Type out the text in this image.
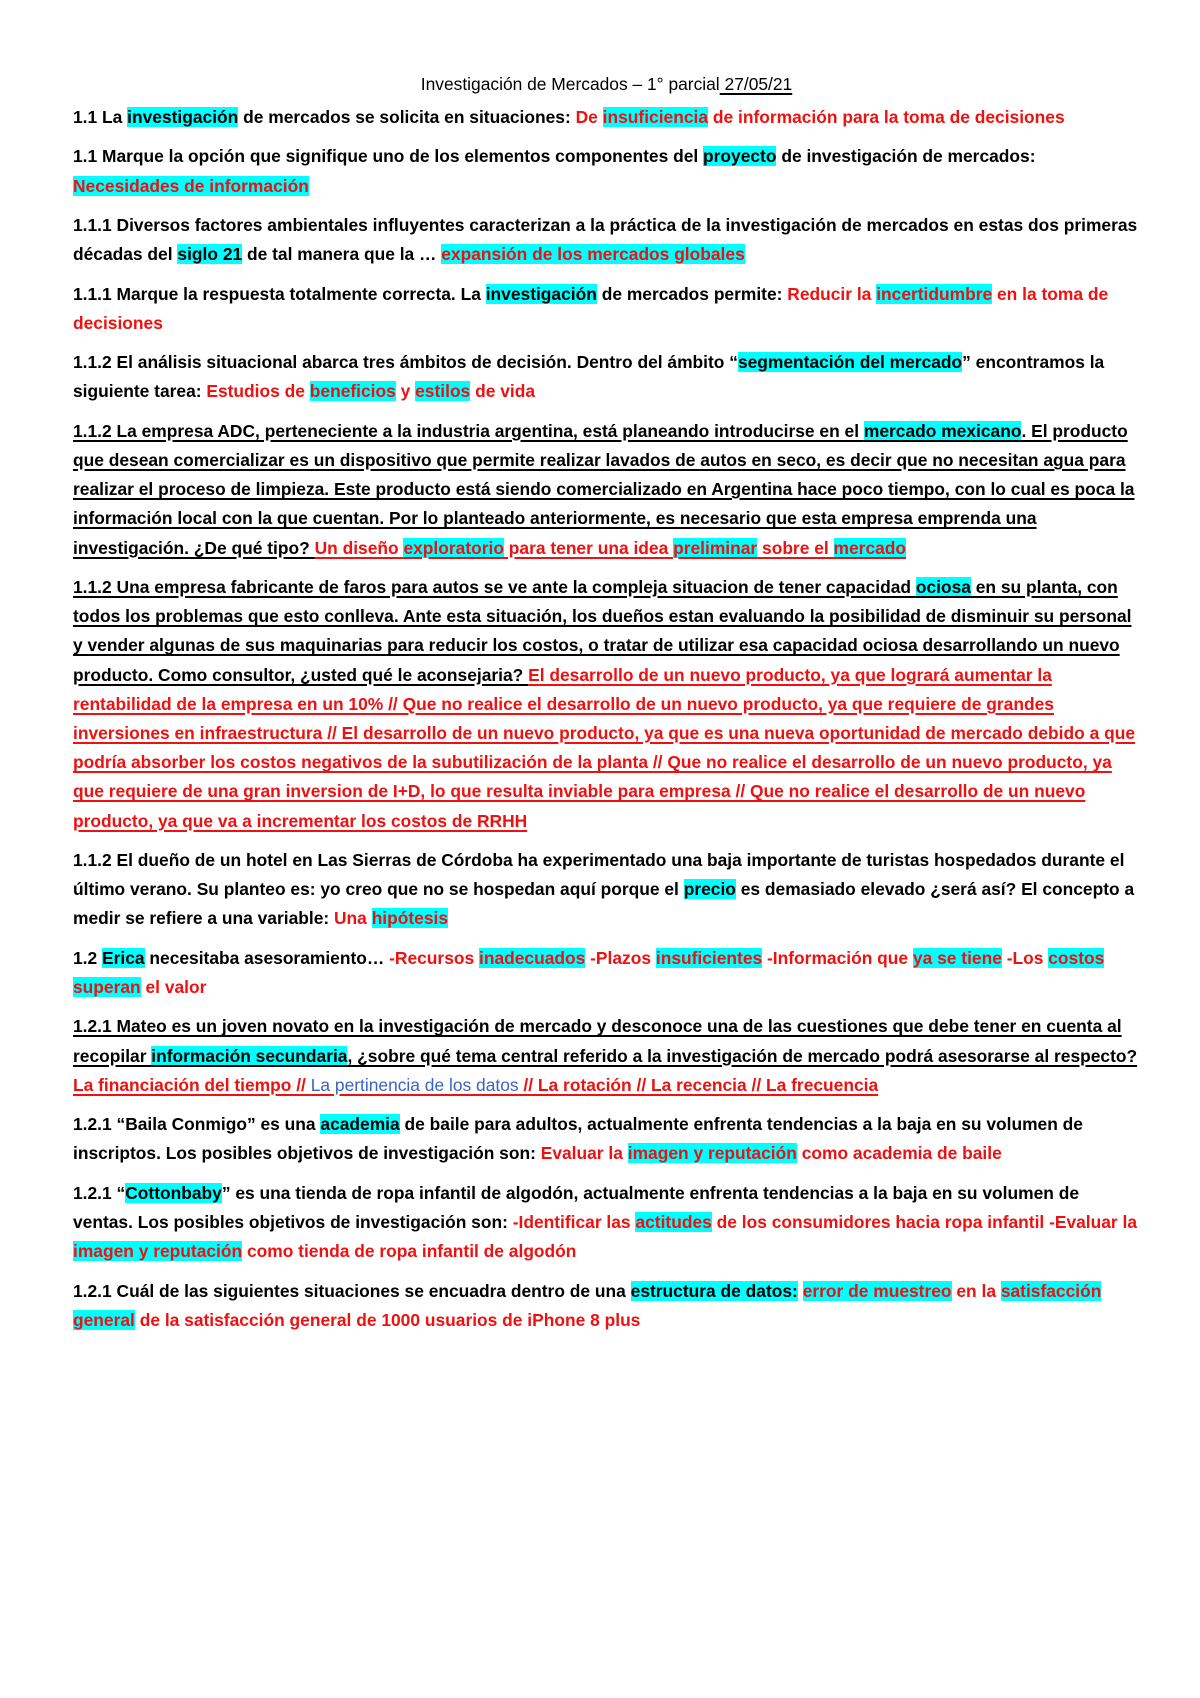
Investigación de Mercados – 1° parcial 27/05/21

1.1 La investigación de mercados se solicita en situaciones: De insuficiencia de información para la toma de decisiones

1.1 Marque la opción que signifique uno de los elementos componentes del proyecto de investigación de mercados: Necesidades de información

1.1.1 Diversos factores ambientales influyentes caracterizan a la práctica de la investigación de mercados en estas dos primeras décadas del siglo 21 de tal manera que la … expansión de los mercados globales

1.1.1 Marque la respuesta totalmente correcta. La investigación de mercados permite: Reducir la incertidumbre en la toma de decisiones

1.1.2 El análisis situacional abarca tres ámbitos de decisión. Dentro del ámbito “segmentación del mercado” encontramos la siguiente tarea: Estudios de beneficios y estilos de vida

1.1.2 La empresa ADC, perteneciente a la industria argentina, está planeando introducirse en el mercado mexicano. El producto que desean comercializar es un dispositivo que permite realizar lavados de autos en seco, es decir que no necesitan agua para realizar el proceso de limpieza. Este producto está siendo comercializado en Argentina hace poco tiempo, con lo cual es poca la información local con la que cuentan. Por lo planteado anteriormente, es necesario que esta empresa emprenda una investigación. ¿De qué tipo? Un diseño exploratorio para tener una idea preliminar sobre el mercado

1.1.2 Una empresa fabricante de faros para autos se ve ante la compleja situacion de tener capacidad ociosa en su planta, con todos los problemas que esto conlleva. Ante esta situación, los dueños estan evaluando la posibilidad de disminuir su personal y vender algunas de sus maquinarias para reducir los costos, o tratar de utilizar esa capacidad ociosa desarrollando un nuevo producto. Como consultor, ¿usted qué le aconsejaria? El desarrollo de un nuevo producto, ya que logrará aumentar la rentabilidad de la empresa en un 10% // Que no realice el desarrollo de un nuevo producto, ya que requiere de grandes inversiones en infraestructura // El desarrollo de un nuevo producto, ya que es una nueva oportunidad de mercado debido a que podría absorber los costos negativos de la subutilización de la planta // Que no realice el desarrollo de un nuevo producto, ya que requiere de una gran inversion de I+D, lo que resulta inviable para empresa // Que no realice el desarrollo de un nuevo producto, ya que va a incrementar los costos de RRHH

1.1.2 El dueño de un hotel en Las Sierras de Córdoba ha experimentado una baja importante de turistas hospedados durante el último verano. Su planteo es: yo creo que no se hospedan aquí porque el precio es demasiado elevado ¿será así? El concepto a medir se refiere a una variable: Una hipótesis

1.2 Erica necesitaba asesoramiento… -Recursos inadecuados -Plazos insuficientes -Información que ya se tiene -Los costos superan el valor

1.2.1 Mateo es un joven novato en la investigación de mercado y desconoce una de las cuestiones que debe tener en cuenta al recopilar información secundaria, ¿sobre qué tema central referido a la investigación de mercado podrá asesorarse al respecto? La financiación del tiempo // La pertinencia de los datos // La rotación // La recencia // La frecuencia

1.2.1 “Baila Conmigo” es una academia de baile para adultos, actualmente enfrenta tendencias a la baja en su volumen de inscriptos. Los posibles objetivos de investigación son: Evaluar la imagen y reputación como academia de baile

1.2.1 “Cottonbaby” es una tienda de ropa infantil de algodón, actualmente enfrenta tendencias a la baja en su volumen de ventas. Los posibles objetivos de investigación son: -Identificar las actitudes de los consumidores hacia ropa infantil -Evaluar la imagen y reputación como tienda de ropa infantil de algodón

1.2.1 Cuál de las siguientes situaciones se encuadra dentro de una estructura de datos: error de muestreo en la satisfacción general de la satisfacción general de 1000 usuarios de iPhone 8 plus
